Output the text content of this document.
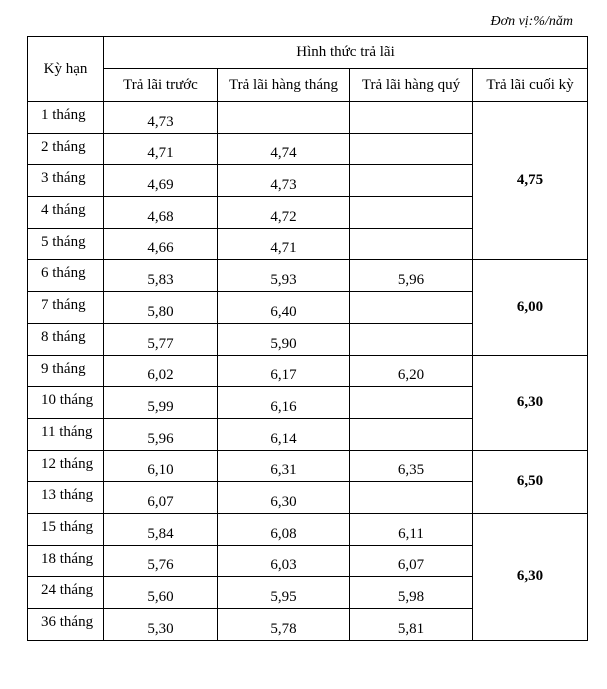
Đơn vị:%/năm
Kỳ hạn	Hình thức trả lãi			
	Trả lãi trước	Trả lãi hàng tháng	Trả lãi hàng quý	Trả lãi cuối kỳ
1 tháng	4,73			4,75
2 tháng	4,71	4,74		
3 tháng	4,69	4,73		
4 tháng	4,68	4,72		
5 tháng	4,66	4,71		
6 tháng	5,83	5,93	5,96	6,00
7 tháng	5,80	6,40		
8 tháng	5,77	5,90		
9 tháng	6,02	6,17	6,20	6,30
10 tháng	5,99	6,16		
11 tháng	5,96	6,14		
12 tháng	6,10	6,31	6,35	6,50
13 tháng	6,07	6,30		
15 tháng	5,84	6,08	6,11	6,30
18 tháng	5,76	6,03	6,07	
24 tháng	5,60	5,95	5,98	
36 tháng	5,30	5,78	5,81	
